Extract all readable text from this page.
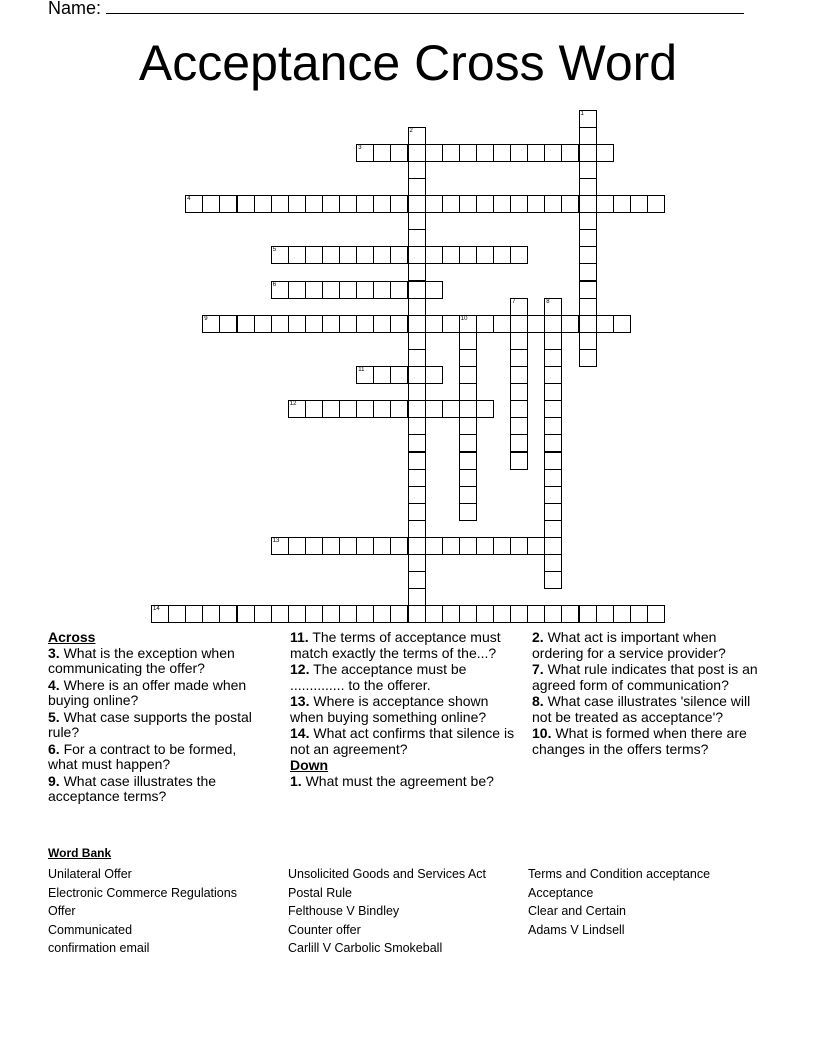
Name:
Acceptance Cross Word
3
4
5
6
9	10
11
12
13
14
1
2
7	8
Across
3. What is the exception when communicating the offer?
4. Where is an offer made when buying online?
5. What case supports the postal rule?
6. For a contract to be formed, what must happen?
9. What case illustrates the acceptance terms?
11. The terms of acceptance must match exactly the terms of the...?
12. The acceptance must be .............. to the offerer.
13. Where is acceptance shown when buying something online?
14. What act confirms that silence is not an agreement?
Down
1. What must the agreement be?
2. What act is important when ordering for a service provider?
7. What rule indicates that post is an agreed form of communication?
8. What case illustrates 'silence will not be treated as acceptance'?
10. What is formed when there are changes in the offers terms?
Word Bank
Unilateral Offer
Electronic Commerce Regulations
Offer
Communicated
confirmation email
Unsolicited Goods and Services Act
Postal Rule
Felthouse V Bindley
Counter offer
Carlill V Carbolic Smokeball
Terms and Condition acceptance
Acceptance
Clear and Certain
Adams V Lindsell
